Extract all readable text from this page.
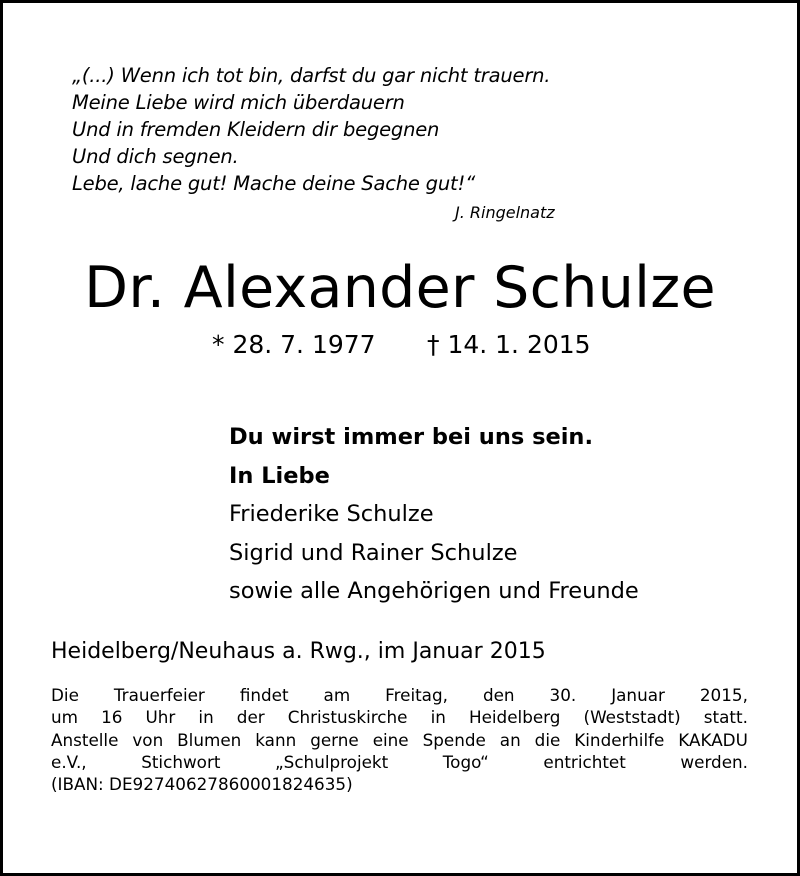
„(...) Wenn ich tot bin, darfst du gar nicht trauern.
Meine Liebe wird mich überdauern
Und in fremden Kleidern dir begegnen
Und dich segnen.
Lebe, lache gut! Mache deine Sache gut!“
J. Ringelnatz
Dr. Alexander Schulze
* 28. 7. 1977 † 14. 1. 2015
Du wirst immer bei uns sein.
In Liebe
Friederike Schulze
Sigrid und Rainer Schulze
sowie alle Angehörigen und Freunde
Heidelberg/Neuhaus a. Rwg., im Januar 2015
Die Trauerfeier findet am Freitag, den 30. Januar 2015,
um 16 Uhr in der Christuskirche in Heidelberg (Weststadt) statt.
Anstelle von Blumen kann gerne eine Spende an die Kinderhilfe KAKADU
e.V.,	Stichwort	„Schulprojekt	Togo“	entrichtet	werden.
(IBAN: DE92740627860001824635)
